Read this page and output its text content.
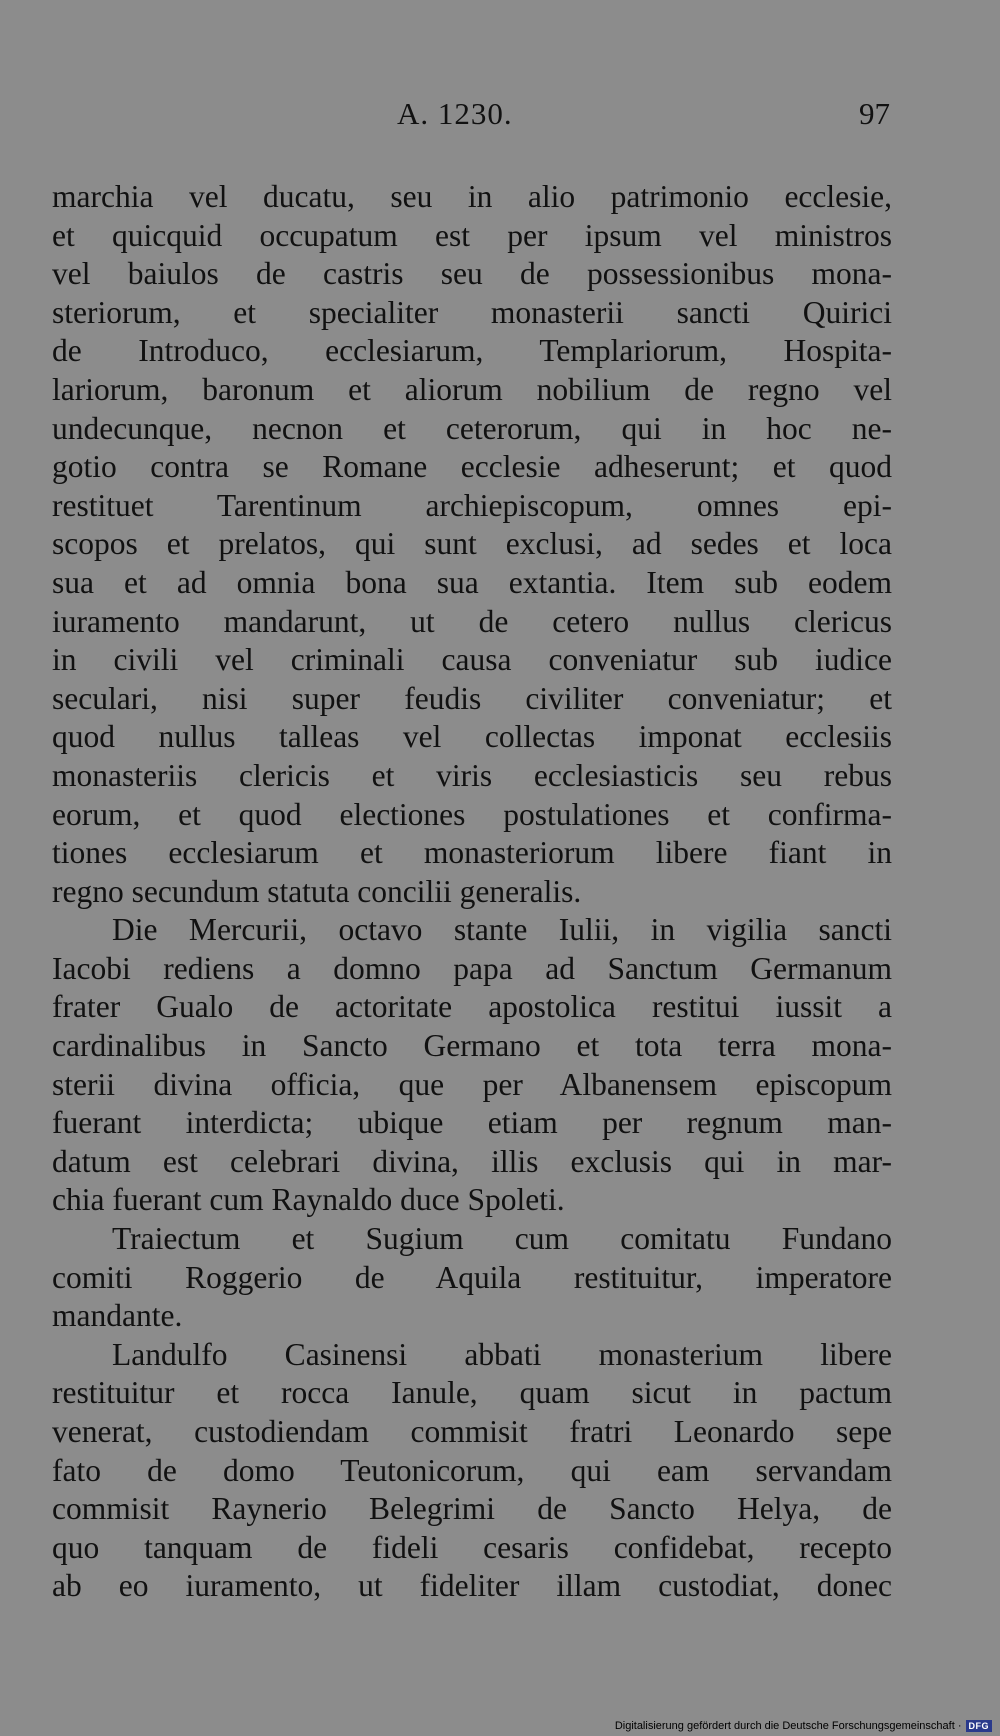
A. 1230.	97
marchia vel ducatu, seu in alio patrimonio ecclesie,
et quicquid occupatum est per ipsum vel ministros
vel baiulos de castris seu de possessionibus mona-
steriorum, et specialiter monasterii sancti Quirici
de Introduco, ecclesiarum, Templariorum, Hospita-
lariorum, baronum et aliorum nobilium de regno vel
undecunque, necnon et ceterorum, qui in hoc ne-
gotio contra se Romane ecclesie adheserunt; et quod
restituet Tarentinum archiepiscopum, omnes epi-
scopos et prelatos, qui sunt exclusi, ad sedes et loca
sua et ad omnia bona sua extantia. Item sub eodem
iuramento mandarunt, ut de cetero nullus clericus
in civili vel criminali causa conveniatur sub iudice
seculari, nisi super feudis civiliter conveniatur; et
quod nullus talleas vel collectas imponat ecclesiis
monasteriis clericis et viris ecclesiasticis seu rebus
eorum, et quod electiones postulationes et confirma-
tiones ecclesiarum et monasteriorum libere fiant in
regno secundum statuta concilii generalis.
Die Mercurii, octavo stante Iulii, in vigilia sancti
Iacobi rediens a domno papa ad Sanctum Germanum
frater Gualo de actoritate apostolica restitui iussit a
cardinalibus in Sancto Germano et tota terra mona-
sterii divina officia, que per Albanensem episcopum
fuerant interdicta; ubique etiam per regnum man-
datum est celebrari divina, illis exclusis qui in mar-
chia fuerant cum Raynaldo duce Spoleti.
Traiectum et Sugium cum comitatu Fundano
comiti Roggerio de Aquila restituitur, imperatore
mandante.
Landulfo Casinensi abbati monasterium libere
restituitur et rocca Ianule, quam sicut in pactum
venerat, custodiendam commisit fratri Leonardo sepe
fato de domo Teutonicorum, qui eam servandam
commisit Raynerio Belegrimi de Sancto Helya, de
quo tanquam de fideli cesaris confidebat, recepto
ab eo iuramento, ut fideliter illam custodiat, donec
Digitalisierung gefördert durch die Deutsche Forschungsgemeinschaft · DFG
